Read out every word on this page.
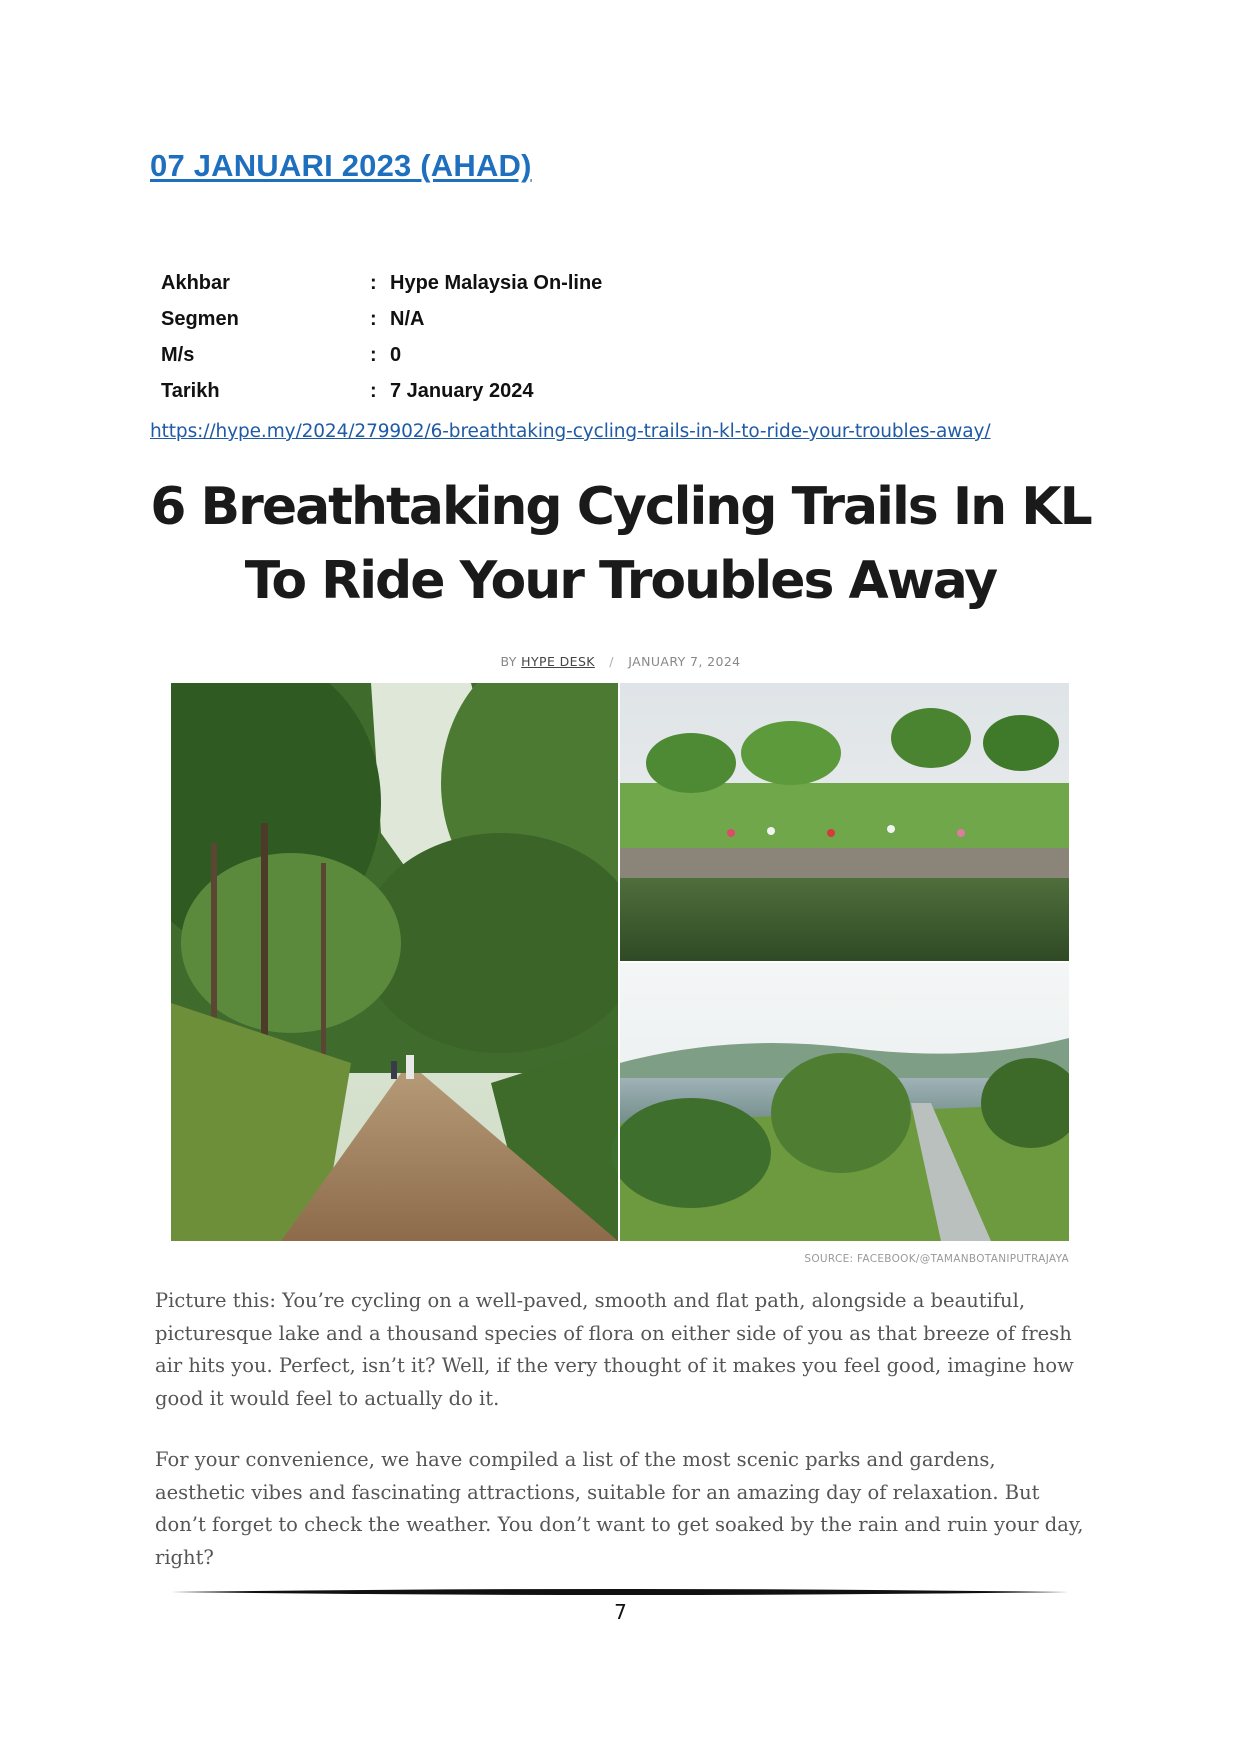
07 JANUARI 2023 (AHAD)
Akhbar	: Hype Malaysia On-line
Segmen	: N/A
M/s	: 0
Tarikh	: 7 January 2024
https://hype.my/2024/279902/6-breathtaking-cycling-trails-in-kl-to-ride-your-troubles-away/
6 Breathtaking Cycling Trails In KL
To Ride Your Troubles Away
BY HYPE DESK / JANUARY 7, 2024
SOURCE: FACEBOOK/@TAMANBOTANIPUTRAJAYA

Picture this: You’re cycling on a well-paved, smooth and flat path, alongside a beautiful, picturesque lake and a thousand species of flora on either side of you as that breeze of fresh air hits you. Perfect, isn’t it? Well, if the very thought of it makes you feel good, imagine how good it would feel to actually do it.

For your convenience, we have compiled a list of the most scenic parks and gardens, aesthetic vibes and fascinating attractions, suitable for an amazing day of relaxation. But don’t forget to check the weather. You don’t want to get soaked by the rain and ruin your day, right?

7
